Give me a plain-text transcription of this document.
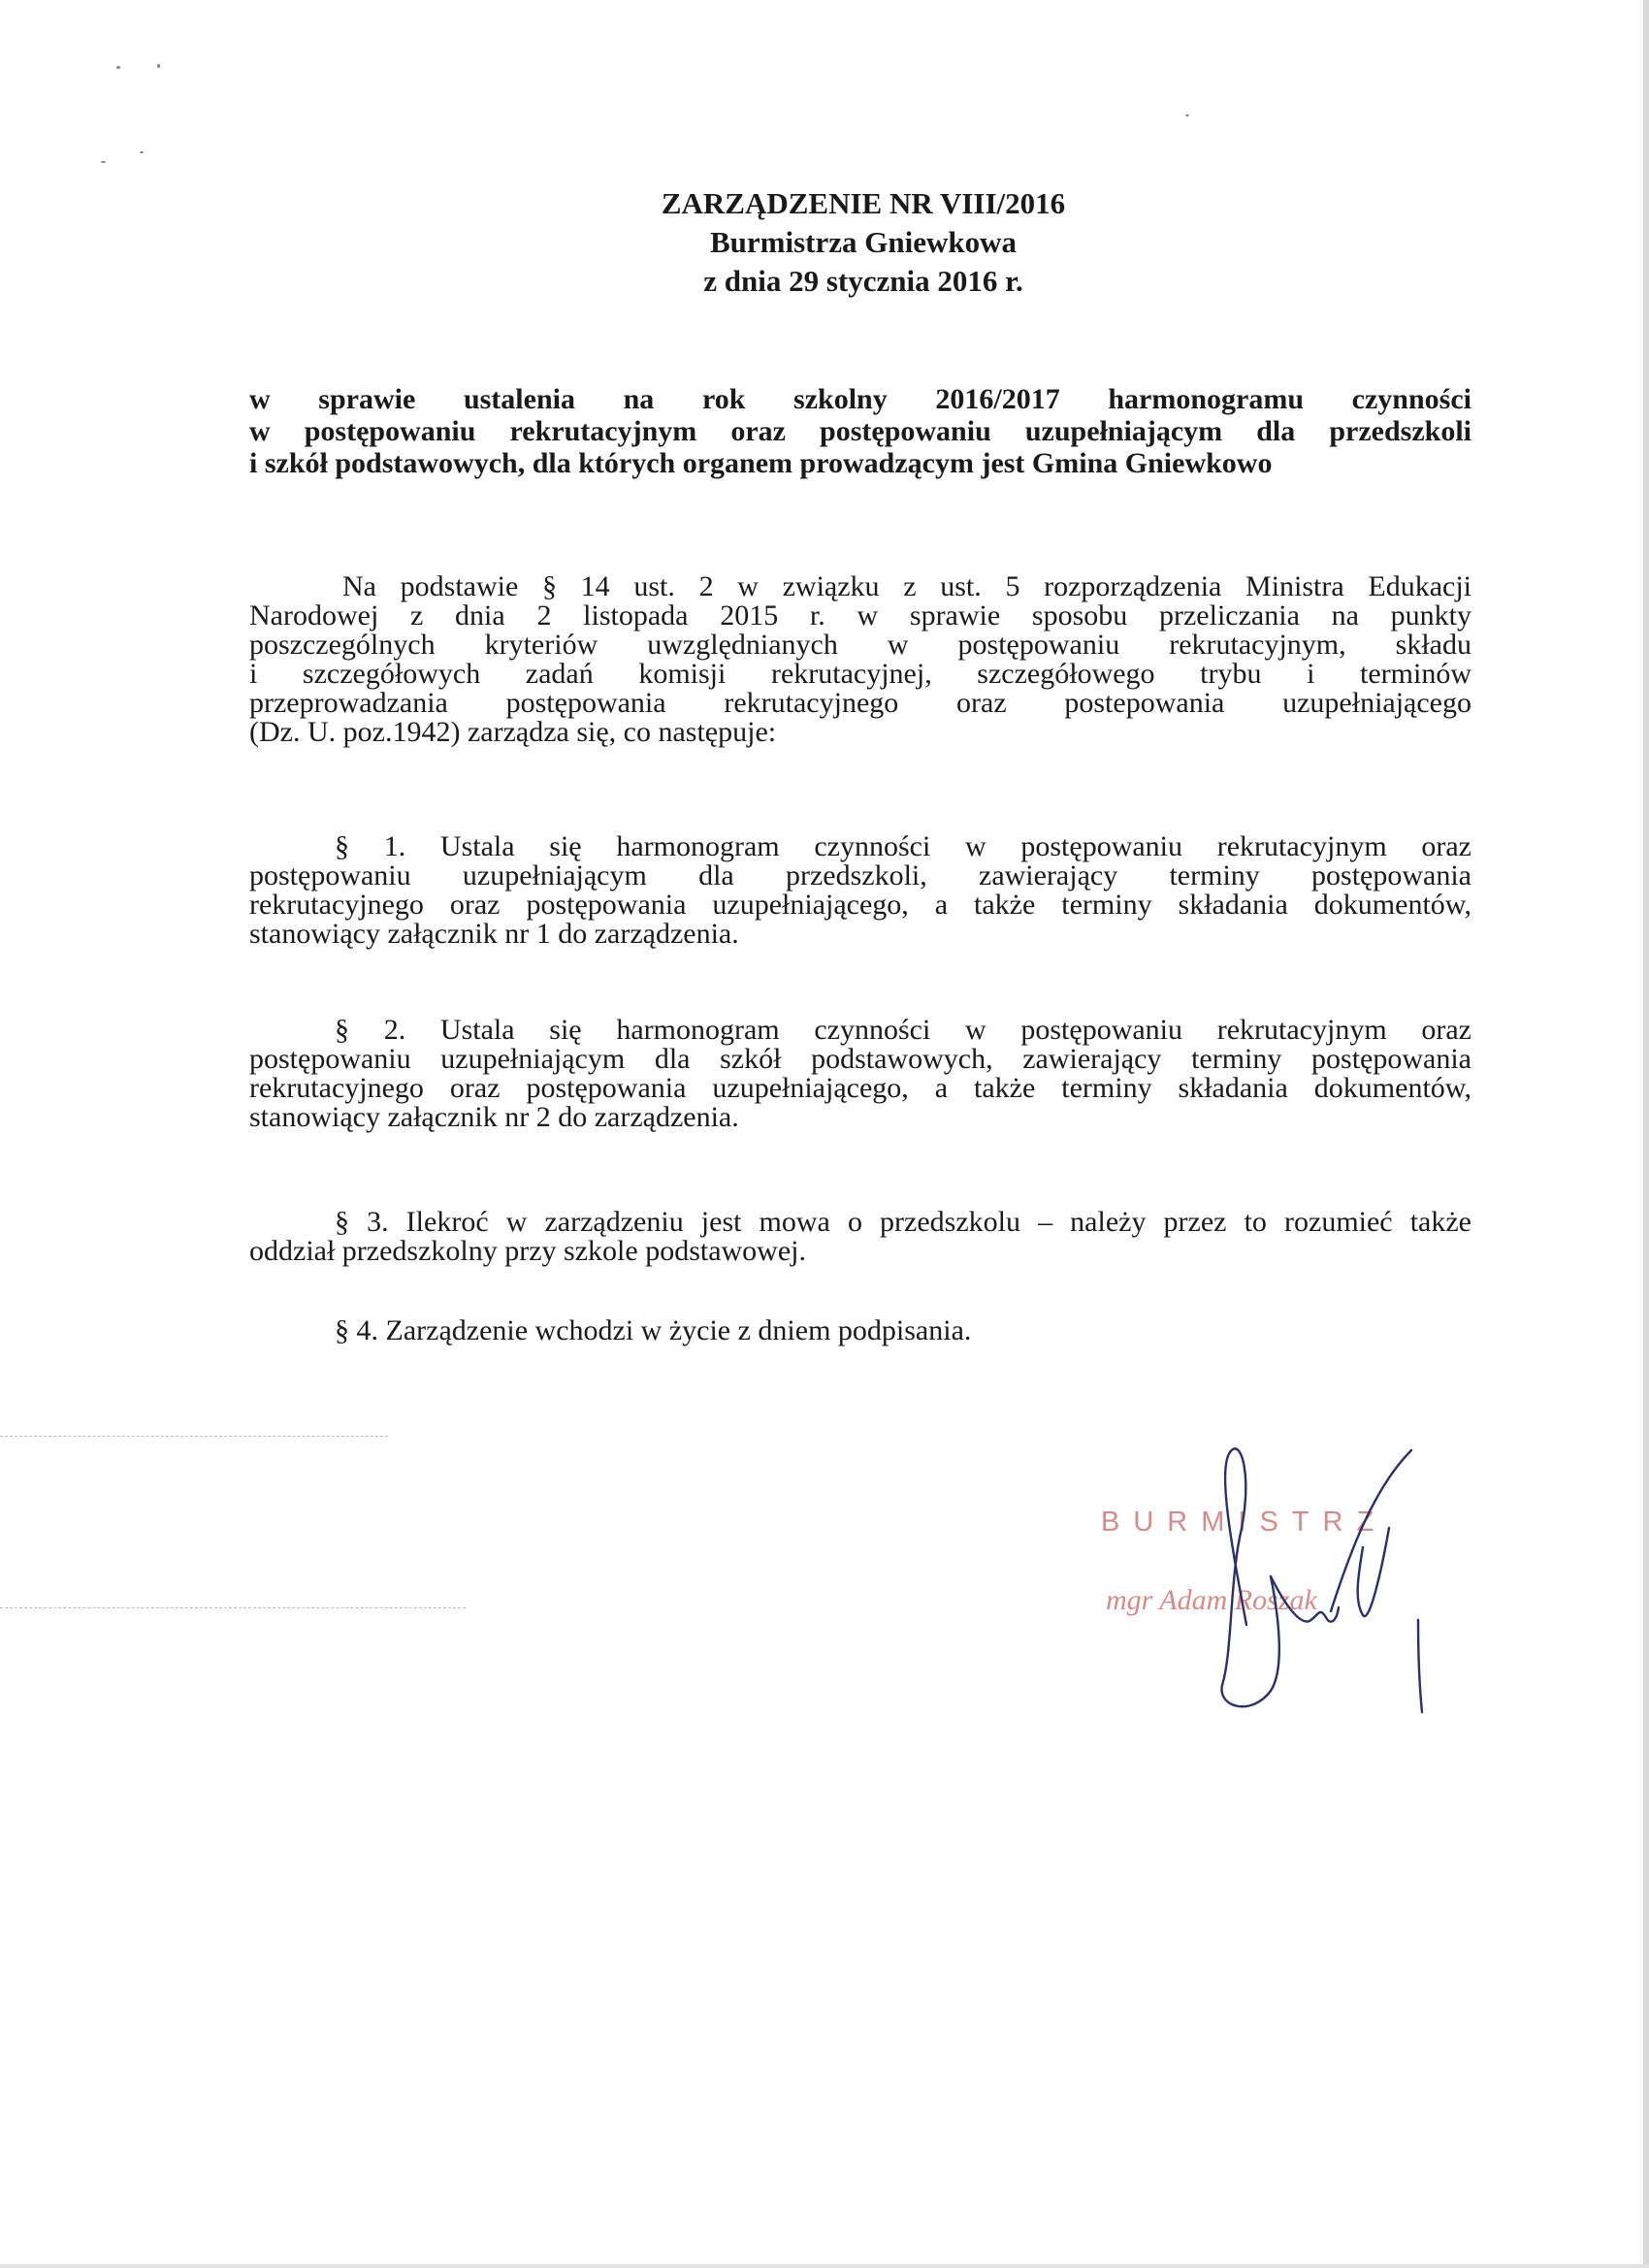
ZARZĄDZENIE NR VIII/2016
Burmistrza Gniewkowa
z dnia 29 stycznia 2016 r.
w sprawie ustalenia na rok szkolny 2016/2017 harmonogramu czynności
w postępowaniu rekrutacyjnym oraz postępowaniu uzupełniającym dla przedszkoli
i szkół podstawowych, dla których organem prowadzącym jest Gmina Gniewkowo
Na podstawie § 14 ust. 2 w związku z ust. 5 rozporządzenia Ministra Edukacji
Narodowej z dnia 2 listopada 2015 r. w sprawie sposobu przeliczania na punkty
poszczególnych kryteriów uwzględnianych w postępowaniu rekrutacyjnym, składu
i szczegółowych zadań komisji rekrutacyjnej, szczegółowego trybu i terminów
przeprowadzania postępowania rekrutacyjnego oraz postepowania uzupełniającego
(Dz. U. poz.1942) zarządza się, co następuje:
§ 1. Ustala się harmonogram czynności w postępowaniu rekrutacyjnym oraz
postępowaniu uzupełniającym dla przedszkoli, zawierający terminy postępowania
rekrutacyjnego oraz postępowania uzupełniającego, a także terminy składania dokumentów,
stanowiący załącznik nr 1 do zarządzenia.
§ 2. Ustala się harmonogram czynności w postępowaniu rekrutacyjnym oraz
postępowaniu uzupełniającym dla szkół podstawowych, zawierający terminy postępowania
rekrutacyjnego oraz postępowania uzupełniającego, a także terminy składania dokumentów,
stanowiący załącznik nr 2 do zarządzenia.
§ 3. Ilekroć w zarządzeniu jest mowa o przedszkolu – należy przez to rozumieć także
oddział przedszkolny przy szkole podstawowej.
§ 4. Zarządzenie wchodzi w życie z dniem podpisania.
BURMISTRZ
mgr Adam Roszak
